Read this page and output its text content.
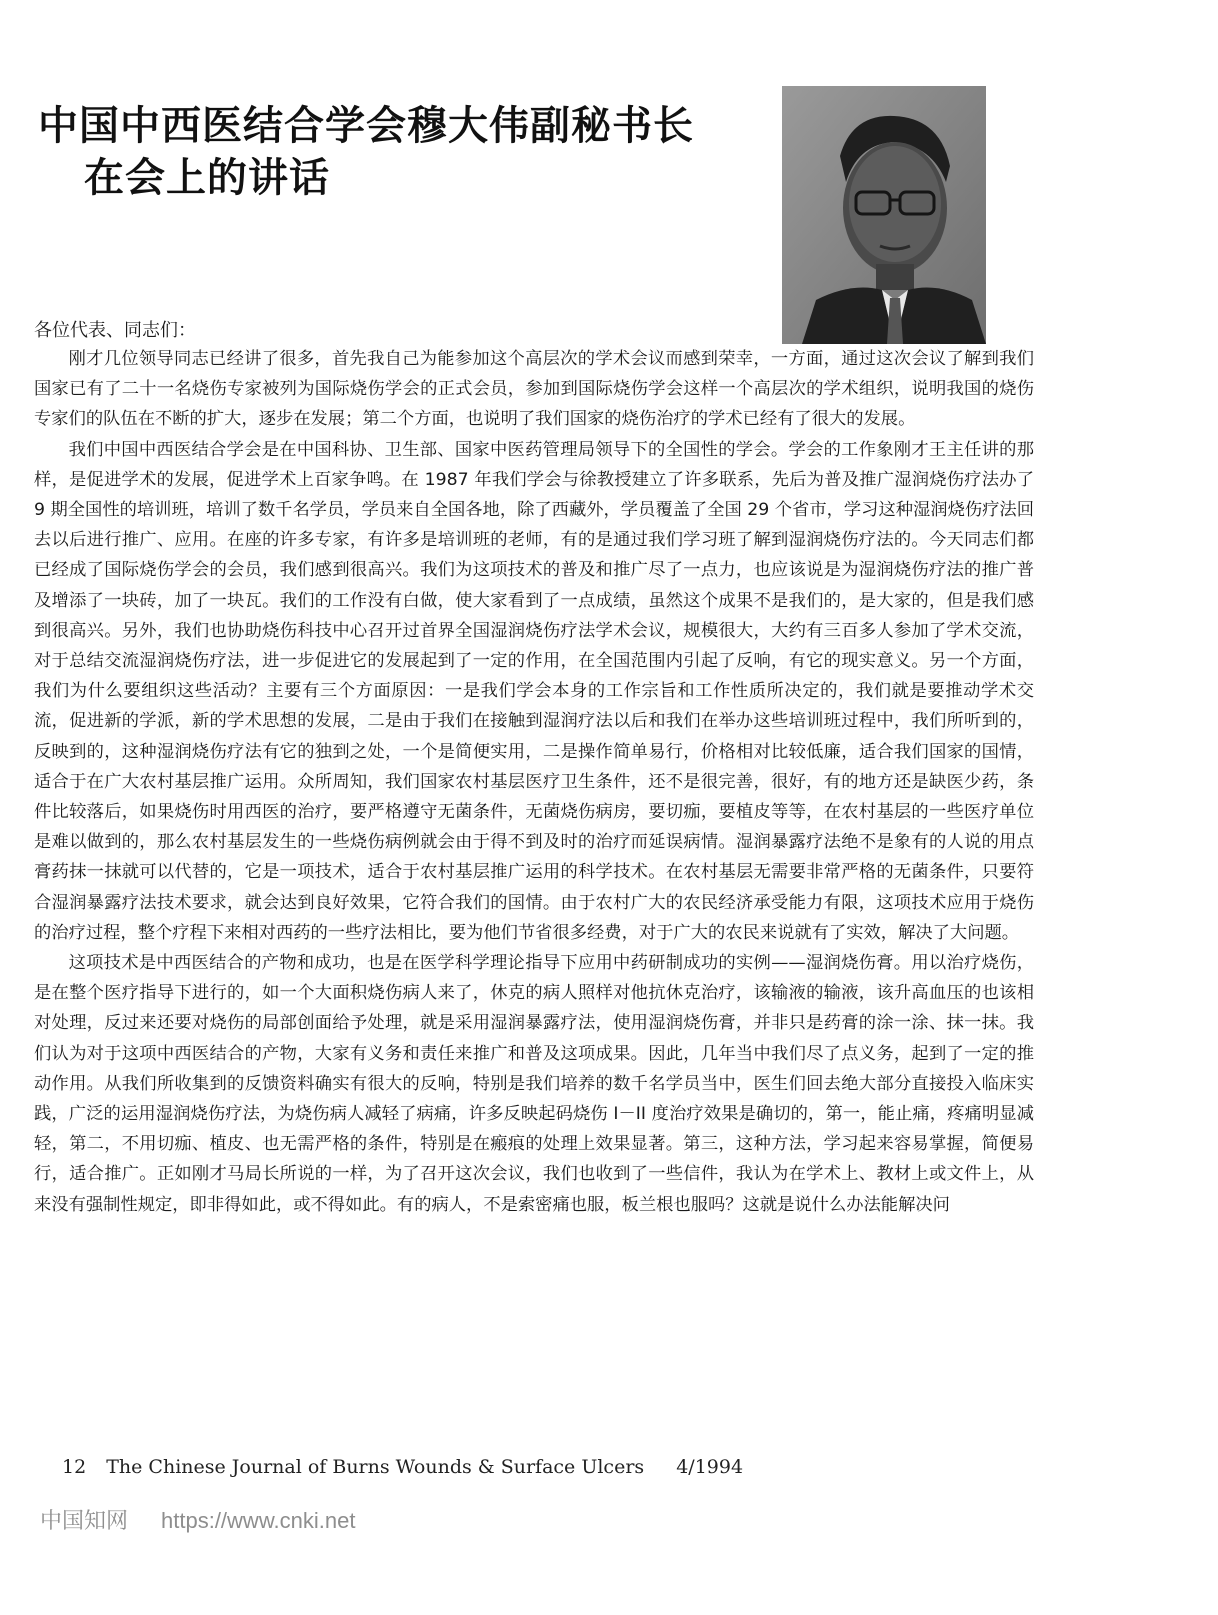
中国中西医结合学会穆大伟副秘书长
在会上的讲话
各位代表、同志们：

刚才几位领导同志已经讲了很多，首先我自己为能参加这个高层次的学术会议而感到荣幸，一方面，通过这次会议了解到我们国家已有了二十一名烧伤专家被列为国际烧伤学会的正式会员，参加到国际烧伤学会这样一个高层次的学术组织，说明我国的烧伤专家们的队伍在不断的扩大，逐步在发展；第二个方面，也说明了我们国家的烧伤治疗的学术已经有了很大的发展。

我们中国中西医结合学会是在中国科协、卫生部、国家中医药管理局领导下的全国性的学会。学会的工作象刚才王主任讲的那样，是促进学术的发展，促进学术上百家争鸣。在 1987 年我们学会与徐教授建立了许多联系，先后为普及推广湿润烧伤疗法办了 9 期全国性的培训班，培训了数千名学员，学员来自全国各地，除了西藏外，学员覆盖了全国 29 个省市，学习这种湿润烧伤疗法回去以后进行推广、应用。在座的许多专家，有许多是培训班的老师，有的是通过我们学习班了解到湿润烧伤疗法的。今天同志们都已经成了国际烧伤学会的会员，我们感到很高兴。我们为这项技术的普及和推广尽了一点力，也应该说是为湿润烧伤疗法的推广普及增添了一块砖，加了一块瓦。我们的工作没有白做，使大家看到了一点成绩，虽然这个成果不是我们的，是大家的，但是我们感到很高兴。另外，我们也协助烧伤科技中心召开过首界全国湿润烧伤疗法学术会议，规模很大，大约有三百多人参加了学术交流，对于总结交流湿润烧伤疗法，进一步促进它的发展起到了一定的作用，在全国范围内引起了反响，有它的现实意义。另一个方面，我们为什么要组织这些活动？主要有三个方面原因：一是我们学会本身的工作宗旨和工作性质所决定的，我们就是要推动学术交流，促进新的学派，新的学术思想的发展，二是由于我们在接触到湿润疗法以后和我们在举办这些培训班过程中，我们所听到的，反映到的，这种湿润烧伤疗法有它的独到之处，一个是简便实用，二是操作简单易行，价格相对比较低廉，适合我们国家的国情，适合于在广大农村基层推广运用。众所周知，我们国家农村基层医疗卫生条件，还不是很完善，很好，有的地方还是缺医少药，条件比较落后，如果烧伤时用西医的治疗，要严格遵守无菌条件，无菌烧伤病房，要切痂，要植皮等等，在农村基层的一些医疗单位是难以做到的，那么农村基层发生的一些烧伤病例就会由于得不到及时的治疗而延误病情。湿润暴露疗法绝不是象有的人说的用点膏药抹一抹就可以代替的，它是一项技术，适合于农村基层推广运用的科学技术。在农村基层无需要非常严格的无菌条件，只要符合湿润暴露疗法技术要求，就会达到良好效果，它符合我们的国情。由于农村广大的农民经济承受能力有限，这项技术应用于烧伤的治疗过程，整个疗程下来相对西药的一些疗法相比，要为他们节省很多经费，对于广大的农民来说就有了实效，解决了大问题。

这项技术是中西医结合的产物和成功，也是在医学科学理论指导下应用中药研制成功的实例——湿润烧伤膏。用以治疗烧伤，是在整个医疗指导下进行的，如一个大面积烧伤病人来了，休克的病人照样对他抗休克治疗，该输液的输液，该升高血压的也该相对处理，反过来还要对烧伤的局部创面给予处理，就是采用湿润暴露疗法，使用湿润烧伤膏，并非只是药膏的涂一涂、抹一抹。我们认为对于这项中西医结合的产物，大家有义务和责任来推广和普及这项成果。因此，几年当中我们尽了点义务，起到了一定的推动作用。从我们所收集到的反馈资料确实有很大的反响，特别是我们培养的数千名学员当中，医生们回去绝大部分直接投入临床实践，广泛的运用湿润烧伤疗法，为烧伤病人减轻了病痛，许多反映起码烧伤 I－II 度治疗效果是确切的，第一，能止痛，疼痛明显减轻，第二，不用切痂、植皮、也无需严格的条件，特别是在瘢痕的处理上效果显著。第三，这种方法，学习起来容易掌握，简便易行，适合推广。正如刚才马局长所说的一样，为了召开这次会议，我们也收到了一些信件，我认为在学术上、教材上或文件上，从来没有强制性规定，即非得如此，或不得如此。有的病人，不是索密痛也服，板兰根也服吗？这就是说什么办法能解决问

12 The Chinese Journal of Burns Wounds & Surface Ulcers 4/1994
中国知网 https://www.cnki.net
